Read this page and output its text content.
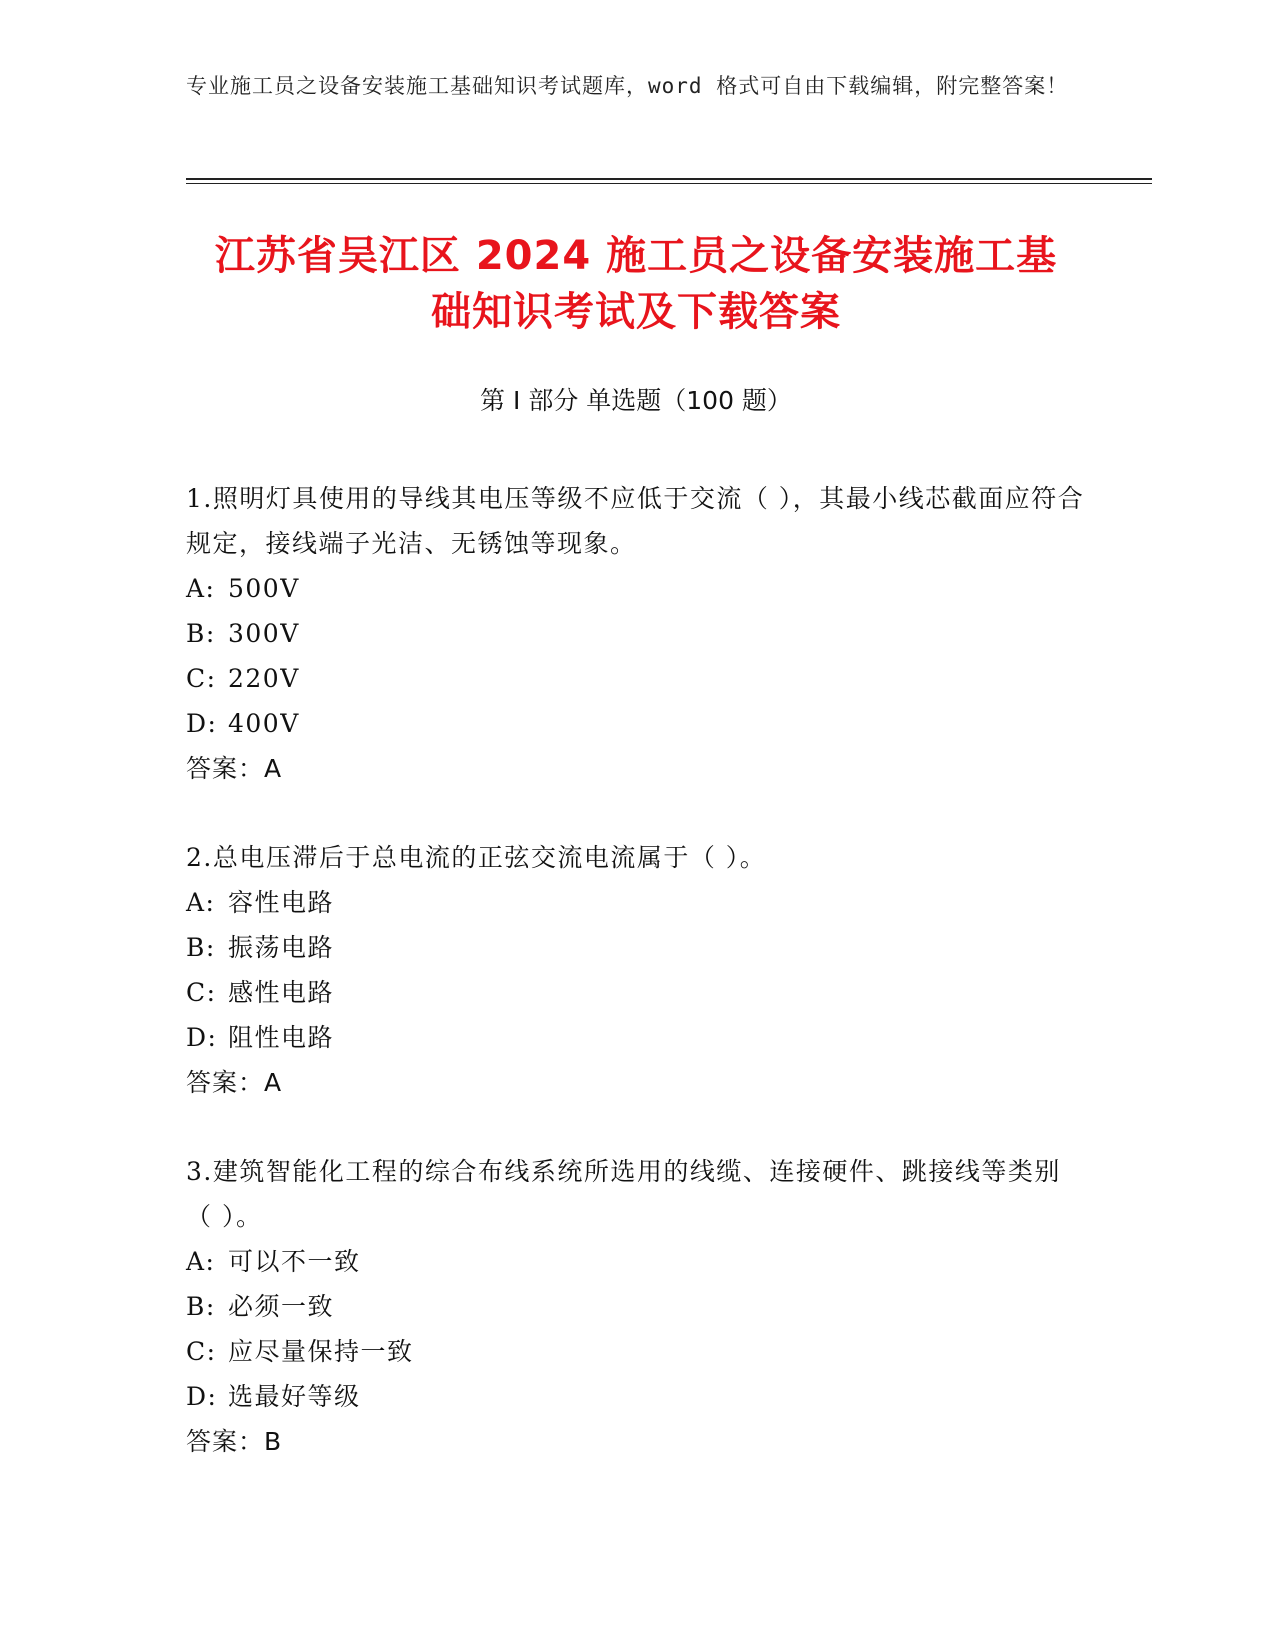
专业施工员之设备安装施工基础知识考试题库，word 格式可自由下载编辑，附完整答案！
江苏省吴江区 2024 施工员之设备安装施工基
础知识考试及下载答案
第 I 部分 单选题（100 题）
1.照明灯具使用的导线其电压等级不应低于交流（ ），其最小线芯截面应符合规定，接线端子光洁、无锈蚀等现象。
A: 500V
B: 300V
C: 220V
D: 400V
答案：A
2.总电压滞后于总电流的正弦交流电流属于（ ）。
A: 容性电路
B: 振荡电路
C: 感性电路
D: 阻性电路
答案：A
3.建筑智能化工程的综合布线系统所选用的线缆、连接硬件、跳接线等类别（ ）。
A: 可以不一致
B: 必须一致
C: 应尽量保持一致
D: 选最好等级
答案：B
